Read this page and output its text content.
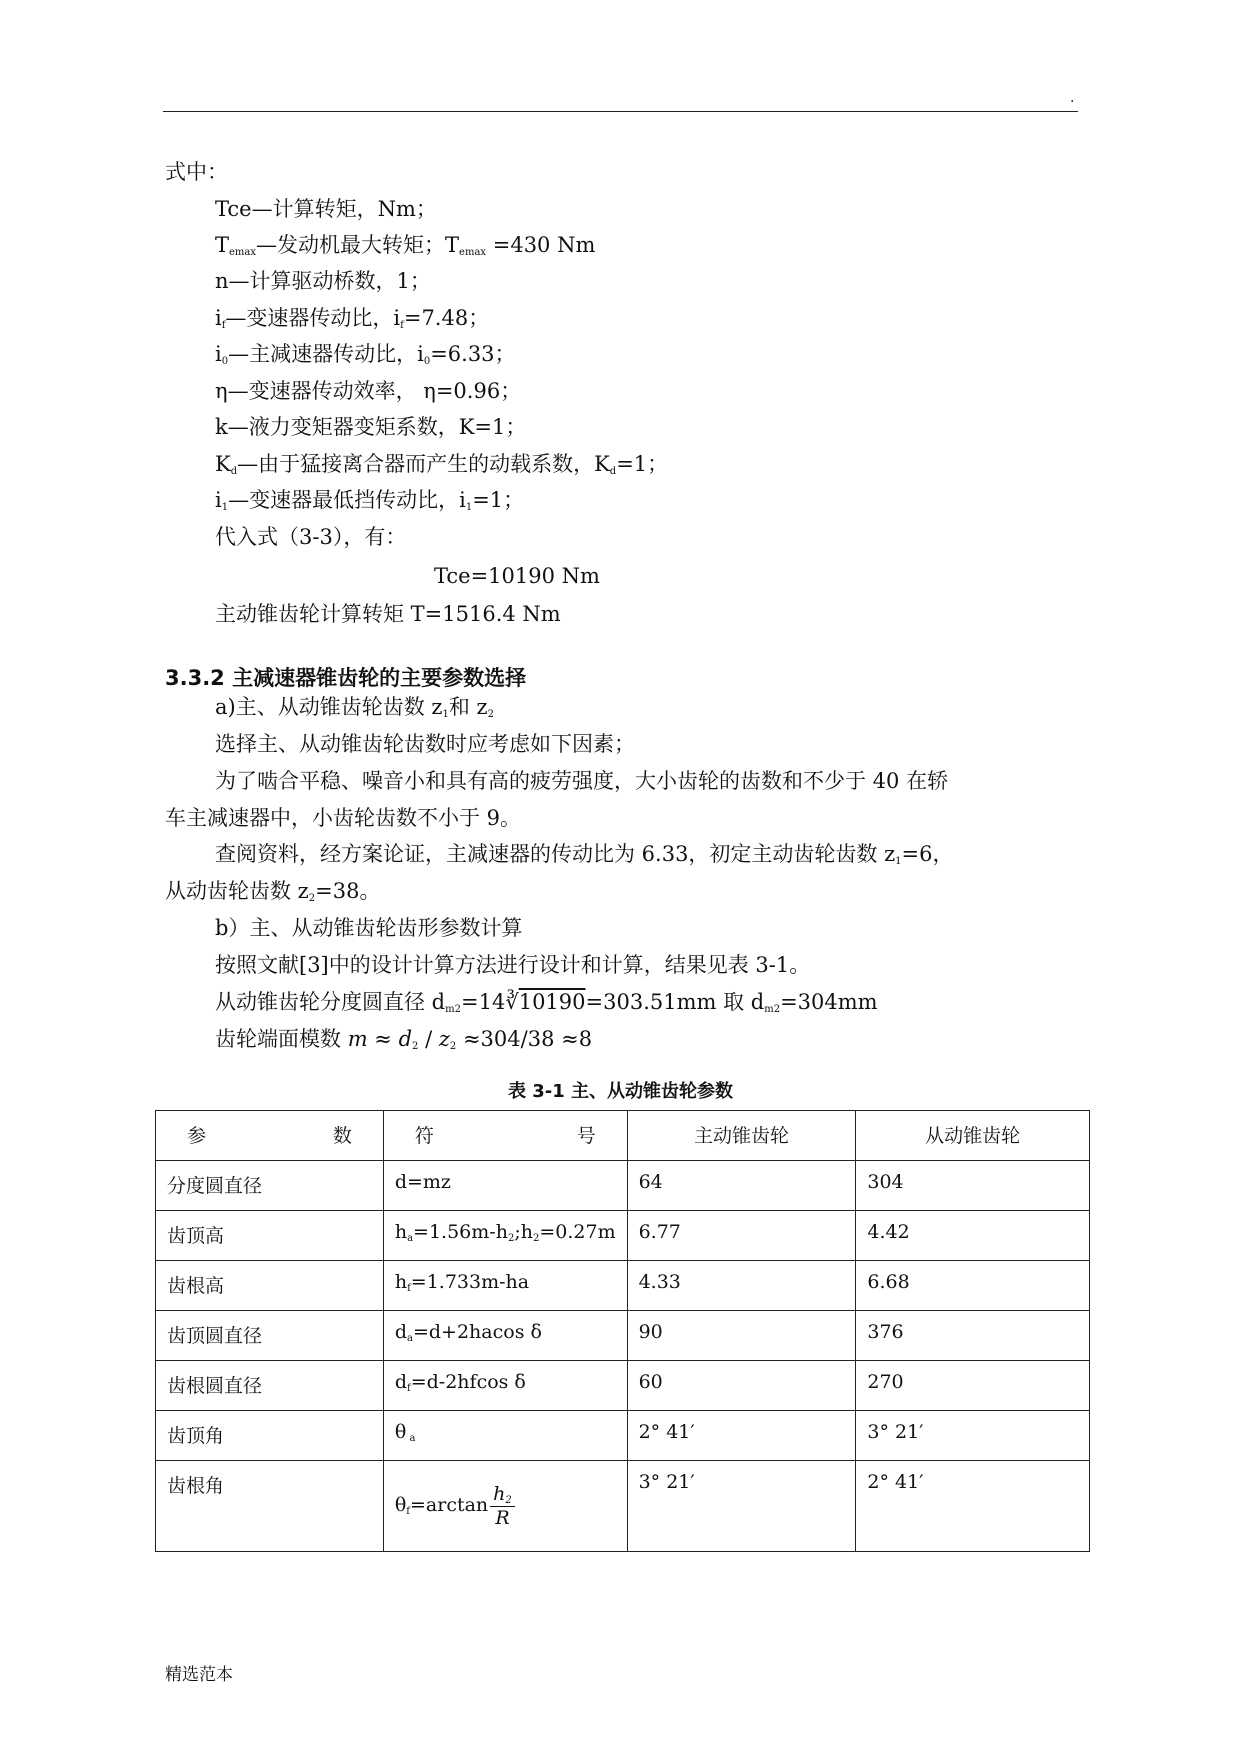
.
式中：
Tce—计算转矩，Nm；
$T_{emax}—$发动机最大转矩；$T_{emax} =430$ Nm
n—计算驱动桥数，1；
$i_f—$变速器传动比，$i_f=7.48$；
$i_0—$主减速器传动比，$i_0=6.33$；
η—变速器传动效率， η=0.96；
k—液力变矩器变矩系数，K=1；
$K_d—$由于猛接离合器而产生的动载系数，$K_d=1$；
$i_1—$变速器最低挡传动比，$i_1=1$；
代入式（3-3），有：
Tce=10190 Nm
主动锥齿轮计算转矩 T=1516.4 Nm
3.3.2 主减速器锥齿轮的主要参数选择
a)主、从动锥齿轮齿数 $z_1$和 $z_2$
选择主、从动锥齿轮齿数时应考虑如下因素；
为了啮合平稳、噪音小和具有高的疲劳强度，大小齿轮的齿数和不少于 40 在轿
车主减速器中，小齿轮齿数不小于 9。
查阅资料，经方案论证，主减速器的传动比为 6.33，初定主动齿轮齿数 $z_1=6$，
从动齿轮齿数 $z_2=38$。
b）主、从动锥齿轮齿形参数计算
按照文献[3]中的设计计算方法进行设计和计算，结果见表 3-1。
从动锥齿轮分度圆直径 $d_{m2}=14∛10190=303.51mm$ 取 $d_{m2}=304mm$
齿轮端面模数 $m \approx d_2 / z_2 \approx 304/38 \approx 8$
表 3-1 主、从动锥齿轮参数
参 数	符 号	主动锥齿轮	从动锥齿轮
分度圆直径	d=mz	64	304
齿顶高	$h_a=1.56m-h_2;h_2=0.27m$	6.77	4.42
齿根高	$h_f=1.733m-ha$	4.33	6.68
齿顶圆直径	$d_a=d+2hacos$ δ	90	376
齿根圆直径	$d_f=d-2hfcos$ δ	60	270
齿顶角	θ $_a$	2° 41′	3° 21′
齿根角	$\theta_f=\arctan \frac{h_2}{R}$	3° 21′	2° 41′
精选范本
